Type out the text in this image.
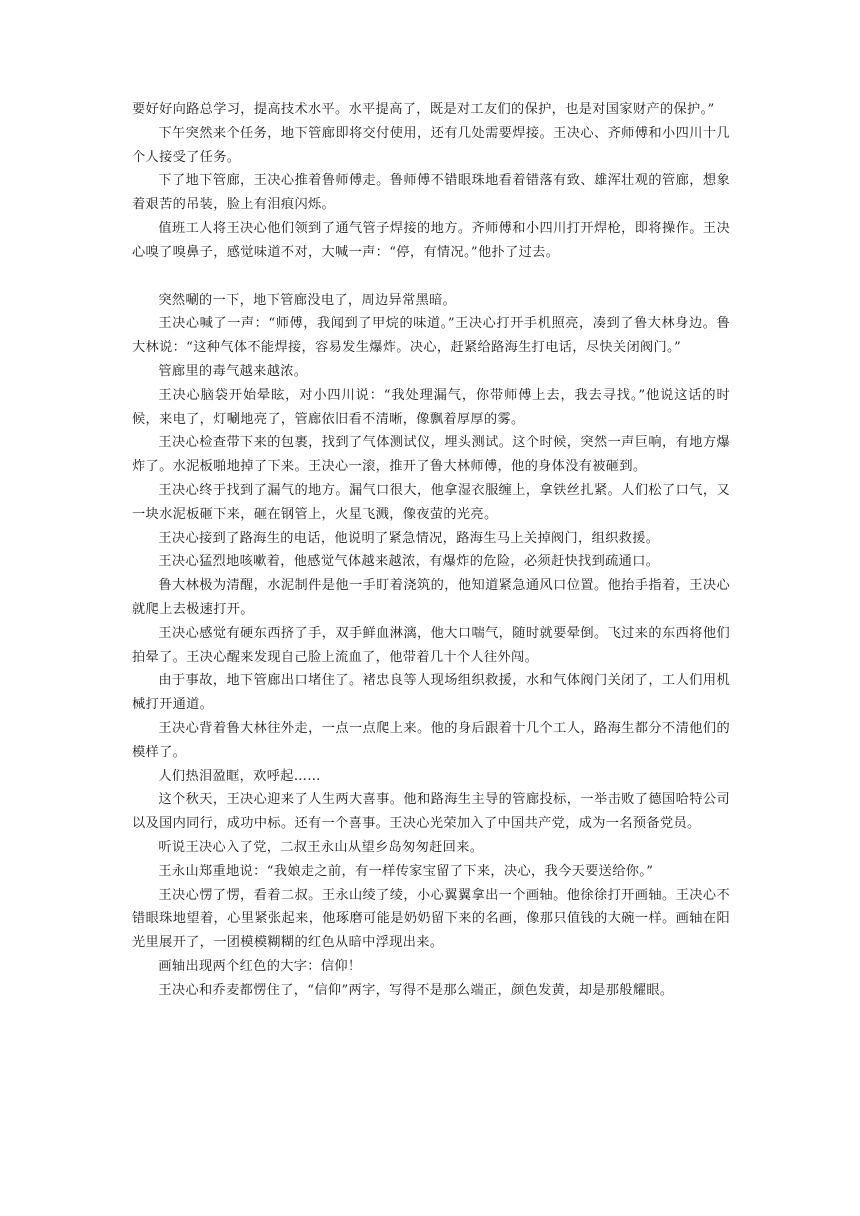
要好好向路总学习，提高技术水平。水平提高了，既是对工友们的保护，也是对国家财产的保护。”

下午突然来个任务，地下管廊即将交付使用，还有几处需要焊接。王决心、齐师傅和小四川十几个人接受了任务。

下了地下管廊，王决心推着鲁师傅走。鲁师傅不错眼珠地看着错落有致、雄浑壮观的管廊，想象着艰苦的吊装，脸上有泪痕闪烁。

值班工人将王决心他们领到了通气管子焊接的地方。齐师傅和小四川打开焊枪，即将操作。王决心嗅了嗅鼻子，感觉味道不对，大喊一声：“停，有情况。”他扑了过去。

突然唰的一下，地下管廊没电了，周边异常黑暗。

王决心喊了一声：“师傅，我闻到了甲烷的味道。”王决心打开手机照亮，凑到了鲁大林身边。鲁大林说：“这种气体不能焊接，容易发生爆炸。决心，赶紧给路海生打电话，尽快关闭阀门。”

管廊里的毒气越来越浓。

王决心脑袋开始晕眩，对小四川说：“我处理漏气，你带师傅上去，我去寻找。”他说这话的时候，来电了，灯唰地亮了，管廊依旧看不清晰，像飘着厚厚的雾。

王决心检查带下来的包裹，找到了气体测试仪，埋头测试。这个时候，突然一声巨响，有地方爆炸了。水泥板啪地掉了下来。王决心一滚，推开了鲁大林师傅，他的身体没有被砸到。

王决心终于找到了漏气的地方。漏气口很大，他拿湿衣服缠上，拿铁丝扎紧。人们松了口气，又一块水泥板砸下来，砸在钢管上，火星飞溅，像夜萤的光亮。

王决心接到了路海生的电话，他说明了紧急情况，路海生马上关掉阀门，组织救援。

王决心猛烈地咳嗽着，他感觉气体越来越浓，有爆炸的危险，必须赶快找到疏通口。

鲁大林极为清醒，水泥制件是他一手盯着浇筑的，他知道紧急通风口位置。他抬手指着，王决心就爬上去极速打开。

王决心感觉有硬东西挤了手，双手鲜血淋漓，他大口喘气，随时就要晕倒。飞过来的东西将他们拍晕了。王决心醒来发现自己脸上流血了，他带着几十个人往外闯。

由于事故，地下管廊出口堵住了。褚忠良等人现场组织救援，水和气体阀门关闭了，工人们用机械打开通道。

王决心背着鲁大林往外走，一点一点爬上来。他的身后跟着十几个工人，路海生都分不清他们的模样了。

人们热泪盈眶，欢呼起……

这个秋天，王决心迎来了人生两大喜事。他和路海生主导的管廊投标，一举击败了德国哈特公司以及国内同行，成功中标。还有一个喜事。王决心光荣加入了中国共产党，成为一名预备党员。

听说王决心入了党，二叔王永山从望乡岛匆匆赶回来。

王永山郑重地说：“我娘走之前，有一样传家宝留了下来，决心，我今天要送给你。”

王决心愣了愣，看着二叔。王永山绫了绫，小心翼翼拿出一个画轴。他徐徐打开画轴。王决心不错眼珠地望着，心里紧张起来，他琢磨可能是奶奶留下来的名画，像那只值钱的大碗一样。画轴在阳光里展开了，一团模模糊糊的红色从暗中浮现出来。

画轴出现两个红色的大字：信仰！

王决心和乔麦都愣住了，“信仰”两字，写得不是那么端正，颜色发黄，却是那般耀眼。
